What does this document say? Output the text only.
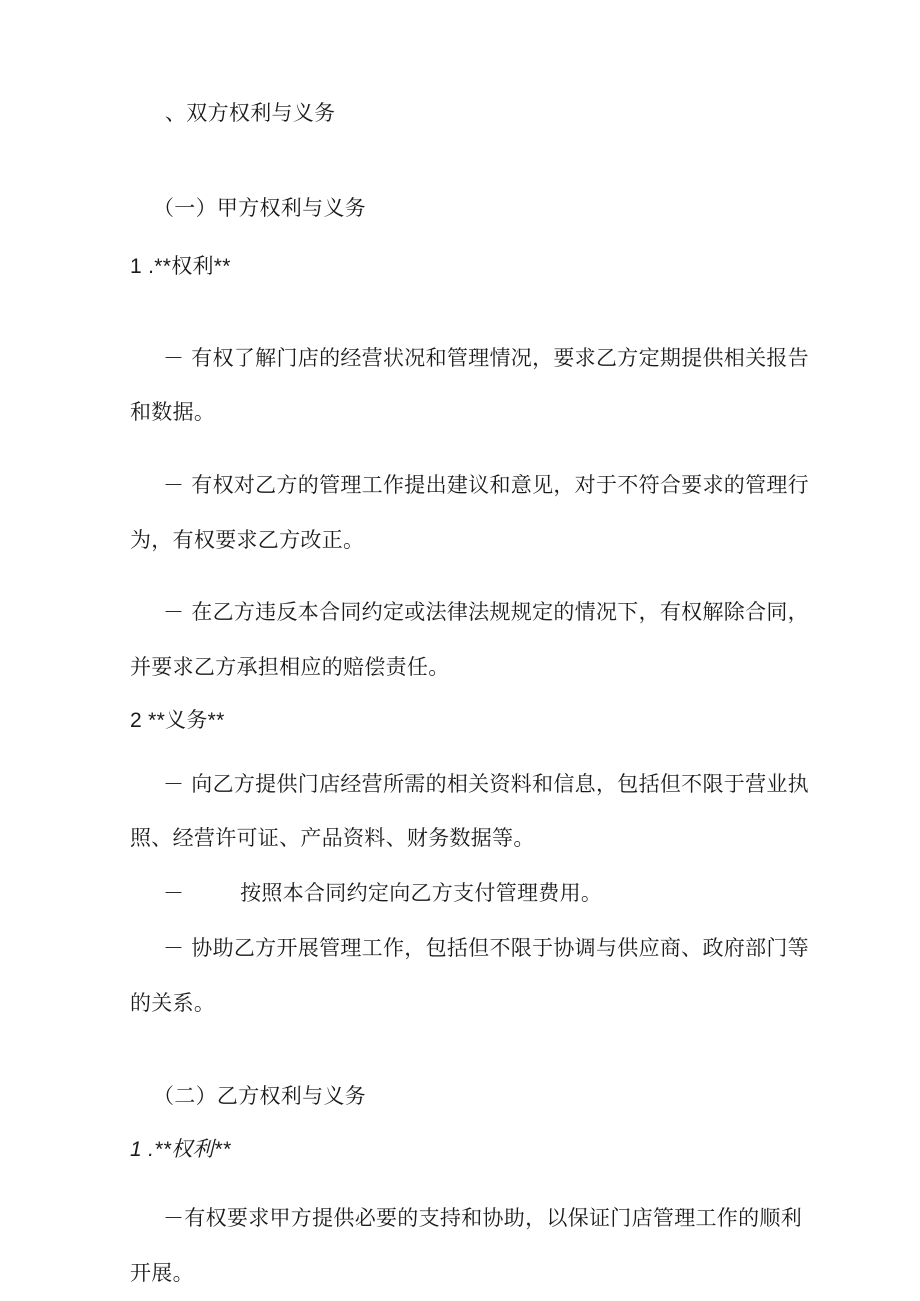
、双方权利与义务
（一）甲方权利与义务
1 .**权利**
－ 有权了解门店的经营状况和管理情况，要求乙方定期提供相关报告
和数据。
－ 有权对乙方的管理工作提出建议和意见，对于不符合要求的管理行
为，有权要求乙方改正。
－ 在乙方违反本合同约定或法律法规规定的情况下，有权解除合同，
并要求乙方承担相应的赔偿责任。
2 **义务**
－ 向乙方提供门店经营所需的相关资料和信息，包括但不限于营业执
照、经营许可证、产品资料、财务数据等。
－        按照本合同约定向乙方支付管理费用。
－ 协助乙方开展管理工作，包括但不限于协调与供应商、政府部门等
的关系。
（二）乙方权利与义务
1 .**权利**
－有权要求甲方提供必要的支持和协助，以保证门店管理工作的顺利
开展。
